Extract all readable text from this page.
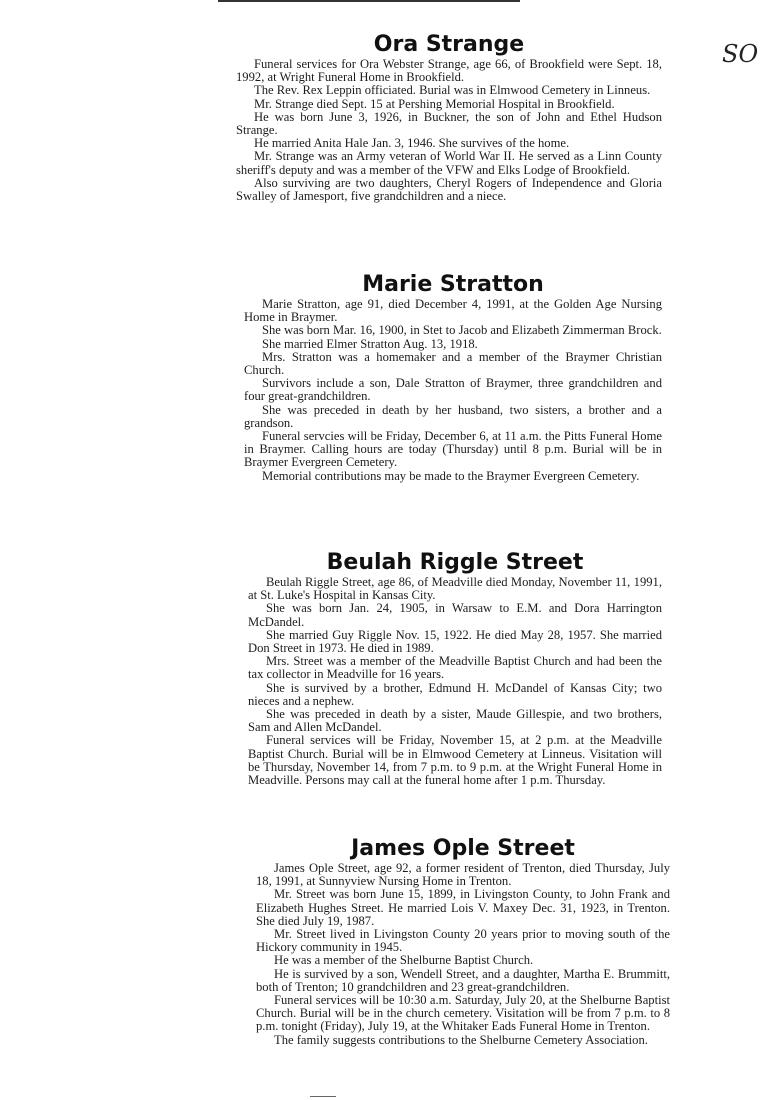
SO
Ora Strange

Funeral services for Ora Webster Strange, age 66, of Brookfield were Sept. 18, 1992, at Wright Funeral Home in Brookfield.

The Rev. Rex Leppin officiated. Burial was in Elmwood Cemetery in Linneus.

Mr. Strange died Sept. 15 at Pershing Memorial Hospital in Brookfield.

He was born June 3, 1926, in Buckner, the son of John and Ethel Hudson Strange.

He married Anita Hale Jan. 3, 1946. She survives of the home.

Mr. Strange was an Army veteran of World War II. He served as a Linn County sheriff's deputy and was a member of the VFW and Elks Lodge of Brookfield.

Also surviving are two daughters, Cheryl Rogers of Independence and Gloria Swalley of Jamesport, five grandchildren and a niece.

Marie Stratton

Marie Stratton, age 91, died December 4, 1991, at the Golden Age Nursing Home in Braymer.

She was born Mar. 16, 1900, in Stet to Jacob and Elizabeth Zimmerman Brock.

She married Elmer Stratton Aug. 13, 1918.

Mrs. Stratton was a homemaker and a member of the Braymer Christian Church.

Survivors include a son, Dale Stratton of Braymer, three grandchildren and four great-grandchildren.

She was preceded in death by her husband, two sisters, a brother and a grandson.

Funeral servcies will be Friday, December 6, at 11 a.m. the Pitts Funeral Home in Braymer. Calling hours are today (Thursday) until 8 p.m. Burial will be in Braymer Evergreen Cemetery.

Memorial contributions may be made to the Braymer Evergreen Cemetery.

Beulah Riggle Street

Beulah Riggle Street, age 86, of Meadville died Monday, November 11, 1991, at St. Luke's Hospital in Kansas City.

She was born Jan. 24, 1905, in Warsaw to E.M. and Dora Harrington McDandel.

She married Guy Riggle Nov. 15, 1922. He died May 28, 1957. She married Don Street in 1973. He died in 1989.

Mrs. Street was a member of the Meadville Baptist Church and had been the tax collector in Meadville for 16 years.

She is survived by a brother, Edmund H. McDandel of Kansas City; two nieces and a nephew.

She was preceded in death by a sister, Maude Gillespie, and two brothers, Sam and Allen McDandel.

Funeral services will be Friday, November 15, at 2 p.m. at the Meadville Baptist Church. Burial will be in Elmwood Cemetery at Linneus. Visitation will be Thursday, November 14, from 7 p.m. to 9 p.m. at the Wright Funeral Home in Meadville. Persons may call at the funeral home after 1 p.m. Thursday.

James Ople Street

James Ople Street, age 92, a former resident of Trenton, died Thursday, July 18, 1991, at Sunnyview Nursing Home in Trenton.

Mr. Street was born June 15, 1899, in Livingston County, to John Frank and Elizabeth Hughes Street. He married Lois V. Maxey Dec. 31, 1923, in Trenton. She died July 19, 1987.

Mr. Street lived in Livingston County 20 years prior to moving south of the Hickory community in 1945.

He was a member of the Shelburne Baptist Church.

He is survived by a son, Wendell Street, and a daughter, Martha E. Brummitt, both of Trenton; 10 grandchildren and 23 great-grandchildren.

Funeral services will be 10:30 a.m. Saturday, July 20, at the Shelburne Baptist Church. Burial will be in the church cemetery. Visitation will be from 7 p.m. to 8 p.m. tonight (Friday), July 19, at the Whitaker Eads Funeral Home in Trenton.

The family suggests contributions to the Shelburne Cemetery Association.
